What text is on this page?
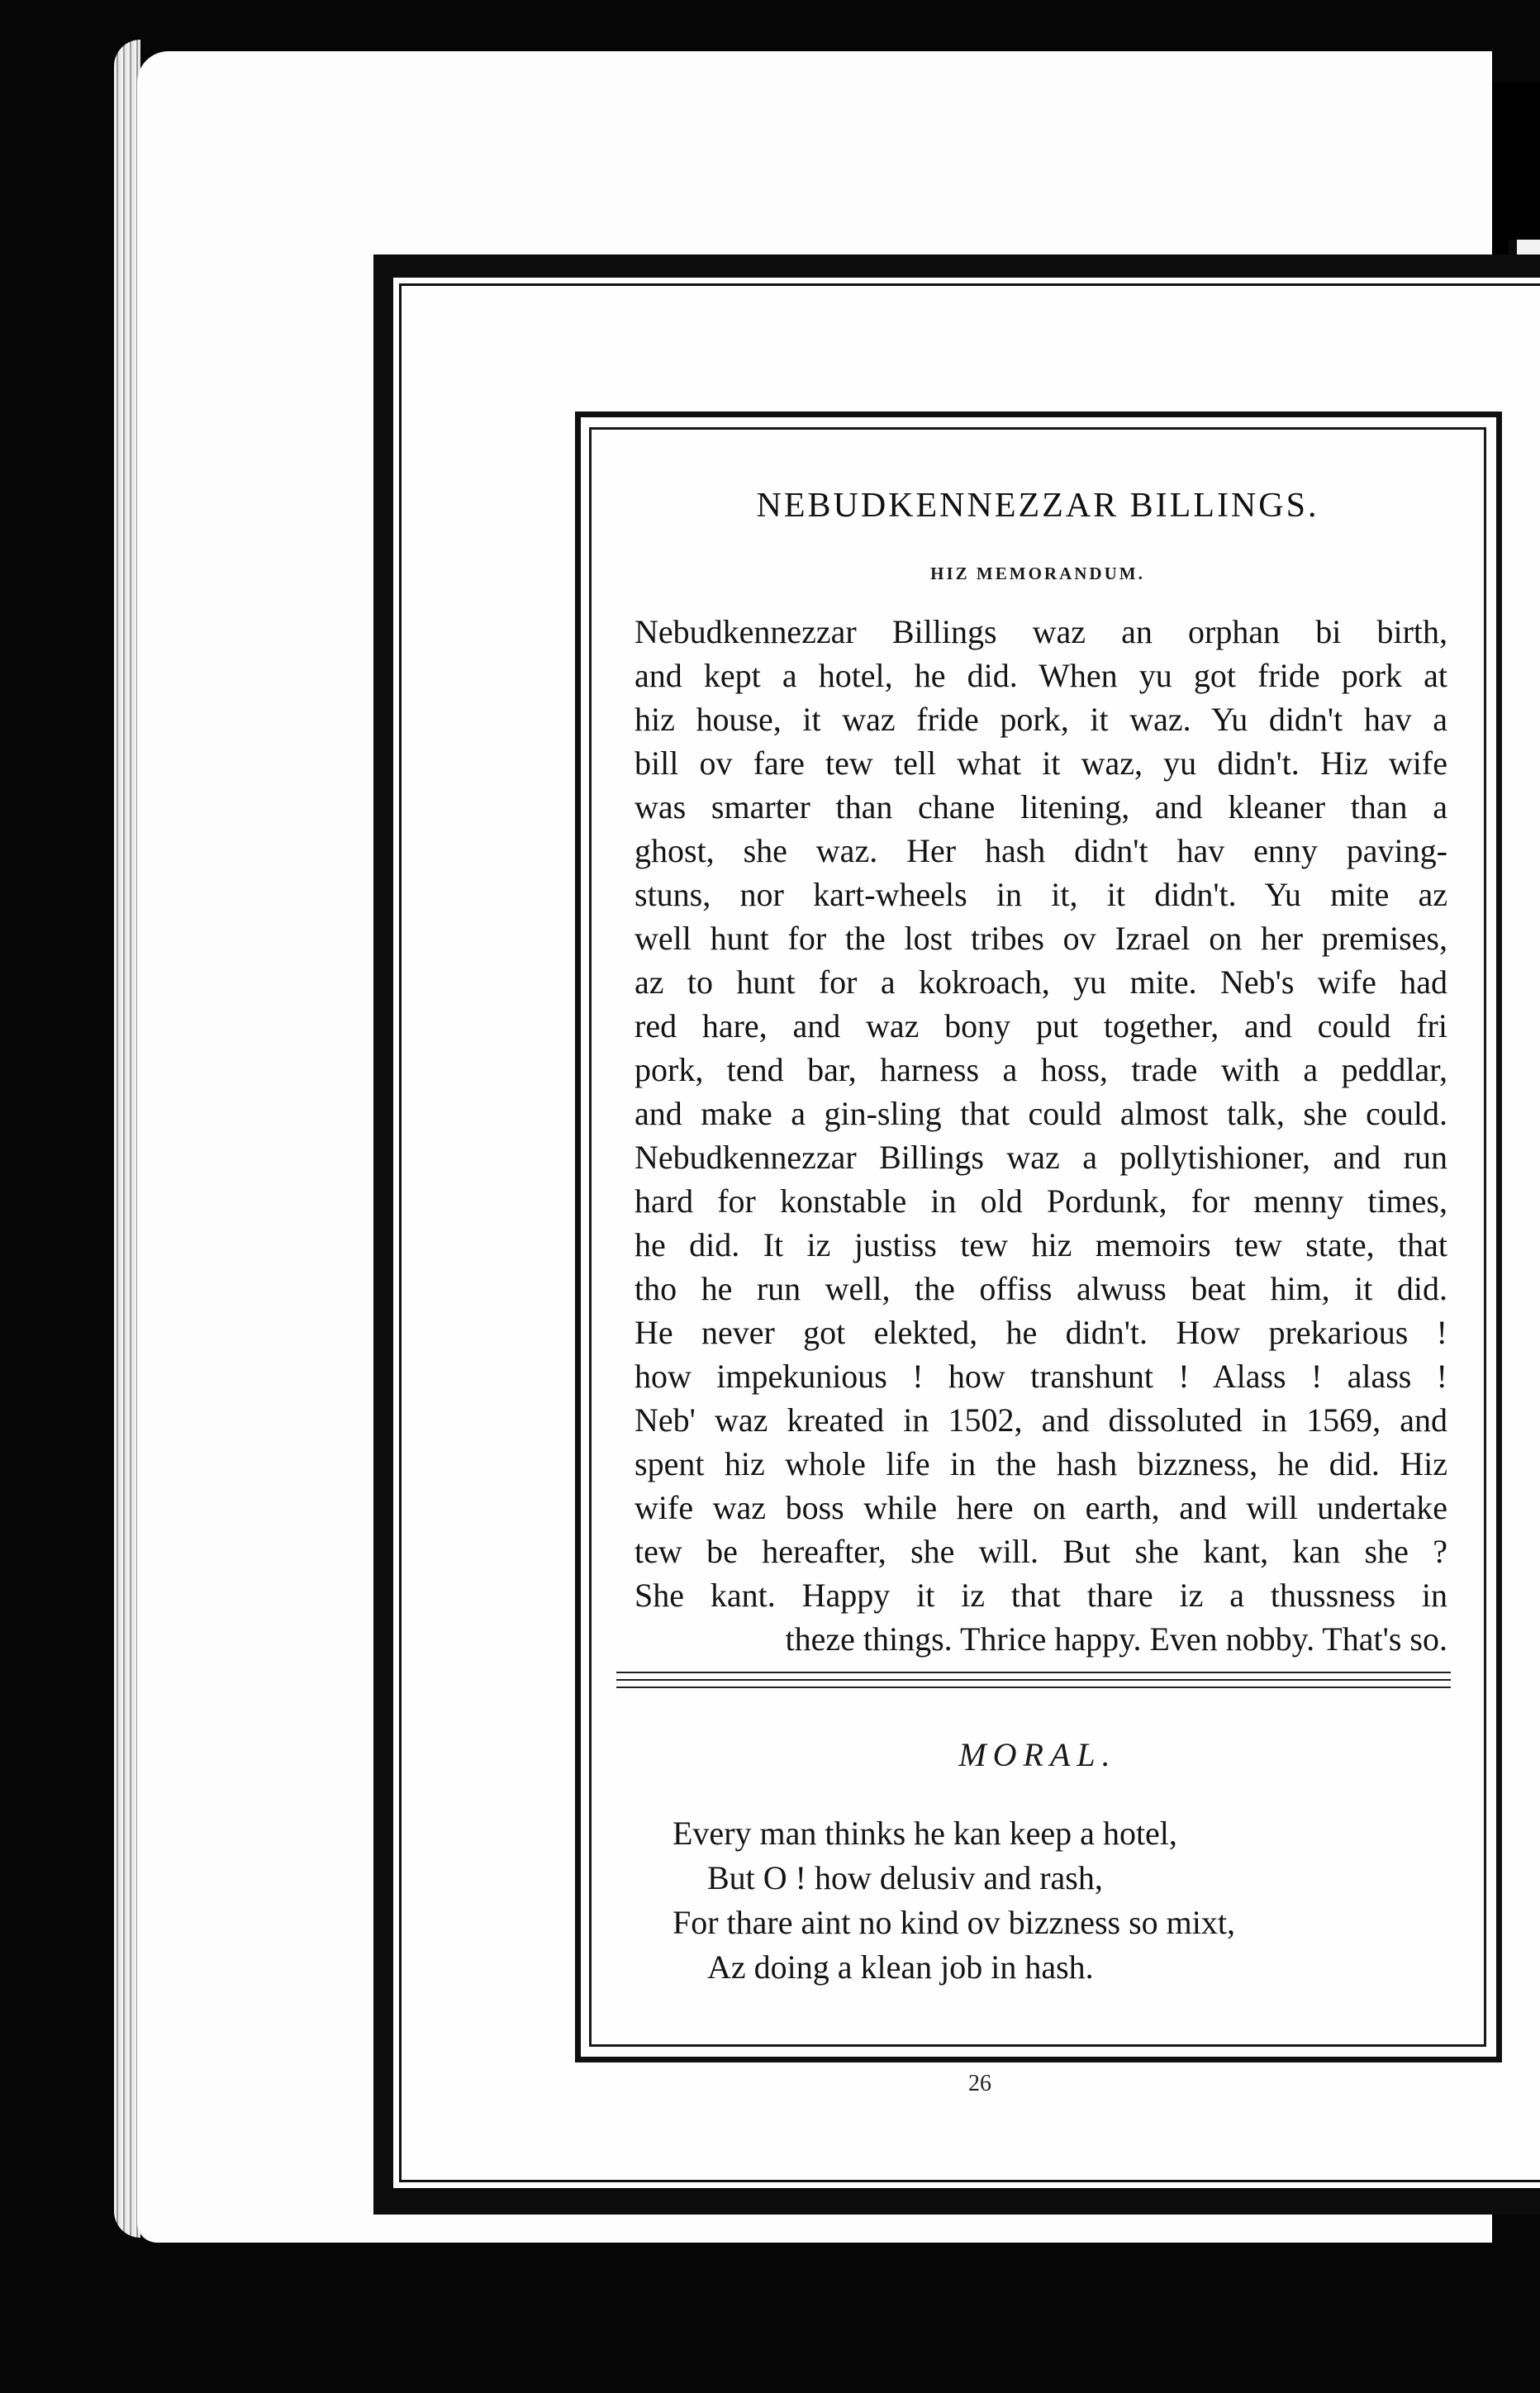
NEBUDKENNEZZAR BILLINGS.
HIZ MEMORANDUM.
Nebudkennezzar Billings waz an orphan bi birth,
and kept a hotel, he did. When yu got fride pork at
hiz house, it waz fride pork, it waz. Yu didn't hav a
bill ov fare tew tell what it waz, yu didn't. Hiz wife
was smarter than chane litening, and kleaner than a
ghost, she waz. Her hash didn't hav enny paving-
stuns, nor kart-wheels in it, it didn't. Yu mite az
well hunt for the lost tribes ov Izrael on her premises,
az to hunt for a kokroach, yu mite. Neb's wife had
red hare, and waz bony put together, and could fri
pork, tend bar, harness a hoss, trade with a peddlar,
and make a gin-sling that could almost talk, she could.
Nebudkennezzar Billings waz a pollytishioner, and run
hard for konstable in old Pordunk, for menny times,
he did. It iz justiss tew hiz memoirs tew state, that
tho he run well, the offiss alwuss beat him, it did.
He never got elekted, he didn't. How prekarious !
how impekunious ! how transhunt ! Alass ! alass !
Neb' waz kreated in 1502, and dissoluted in 1569, and
spent hiz whole life in the hash bizzness, he did. Hiz
wife waz boss while here on earth, and will undertake
tew be hereafter, she will. But she kant, kan she ?
She kant. Happy it iz that thare iz a thussness in
theze things. Thrice happy. Even nobby. That's so.
MORAL.
Every man thinks he kan keep a hotel,
But O ! how delusiv and rash,
For thare aint no kind ov bizzness so mixt,
Az doing a klean job in hash.
26
